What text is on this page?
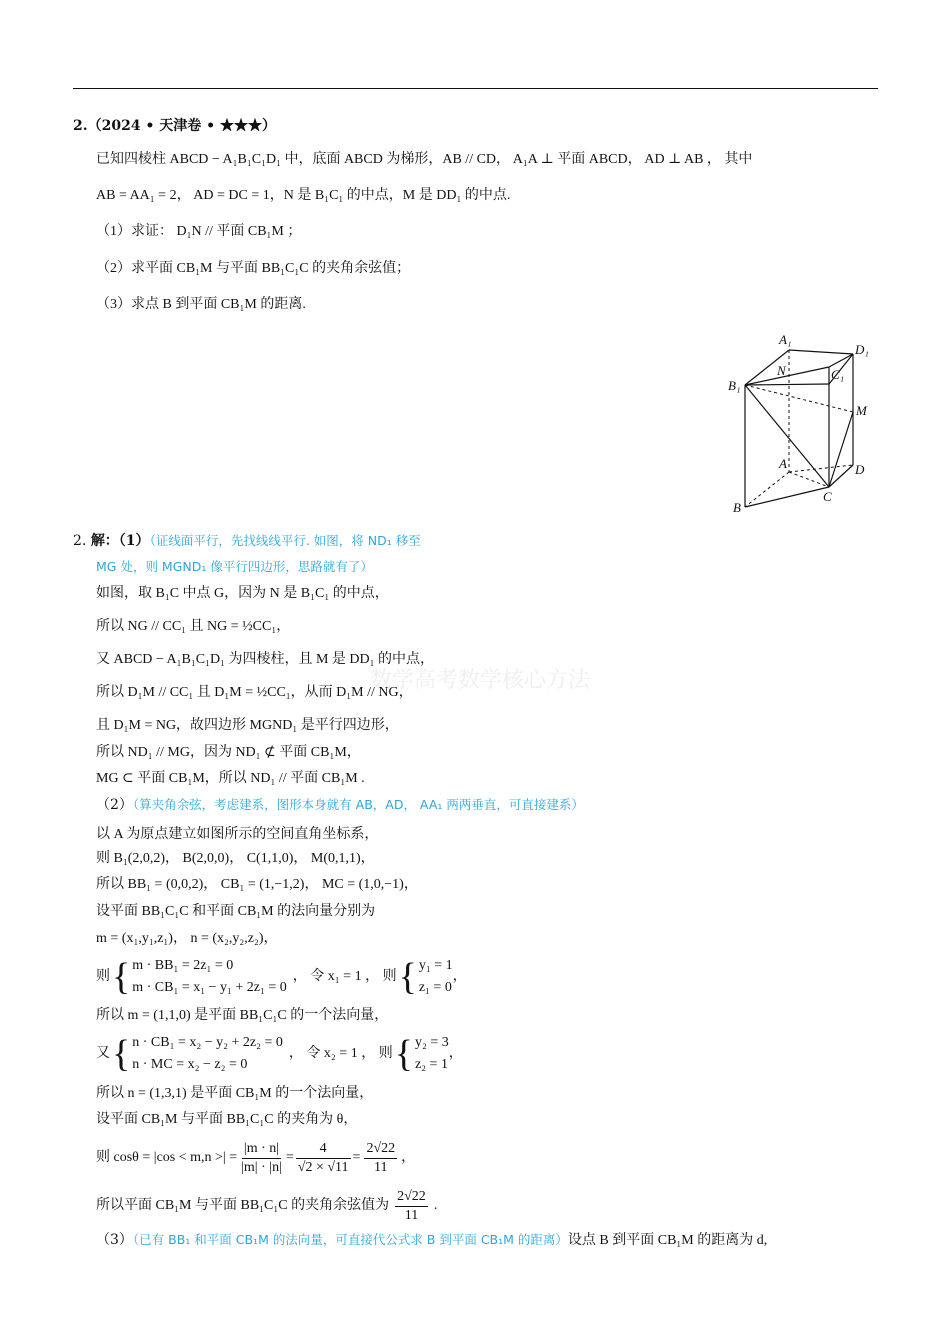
2.（2024 • 天津卷 • ★★★）
已知四棱柱 ABCD − A₁B₁C₁D₁ 中，底面 ABCD 为梯形，AB // CD， A₁A ⊥ 平面 ABCD， AD ⊥ AB ， 其中
AB = AA₁ = 2， AD = DC = 1，N 是 B₁C₁ 的中点，M 是 DD₁ 的中点.
（1）求证： D₁N // 平面 CB₁M ；
（2）求平面 CB₁M 与平面 BB₁C₁C 的夹角余弦值；
（3）求点 B 到平面 CB₁M 的距离.
A₁
D₁
N	C₁
B₁
M
A	D
C
B
数学高考数学核心方法
2. 解：（1）（证线面平行，先找线线平行. 如图，将 ND₁ 移至
MG 处，则 MGND₁ 像平行四边形，思路就有了）
如图，取 B₁C 中点 G，因为 N 是 B₁C₁ 的中点，
所以 NG // CC₁ 且 NG = ½CC₁，
又 ABCD − A₁B₁C₁D₁ 为四棱柱，且 M 是 DD₁ 的中点，
所以 D₁M // CC₁ 且 D₁M = ½CC₁，从而 D₁M // NG，
且 D₁M = NG，故四边形 MGND₁ 是平行四边形，
所以 ND₁ // MG，因为 ND₁ ⊄ 平面 CB₁M，
MG ⊂ 平面 CB₁M，所以 ND₁ // 平面 CB₁M .
（2）（算夹角余弦，考虑建系，图形本身就有 AB，AD， AA₁ 两两垂直，可直接建系）
以 A 为原点建立如图所示的空间直角坐标系，
则 B₁(2,0,2)， B(2,0,0)， C(1,1,0)， M(0,1,1)，
所以 BB₁ = (0,0,2)， CB₁ = (1,−1,2)， MC = (1,0,−1)，
设平面 BB₁C₁C 和平面 CB₁M 的法向量分别为
m = (x₁,y₁,z₁)， n = (x₂,y₂,z₂)，
则 { m · BB₁ = 2z₁ = 0
m · CB₁ = x₁ − y₁ + 2z₁ = 0
， 令 x₁ = 1 ， 则 { y₁ = 1
z₁ = 0
，
所以 m = (1,1,0) 是平面 BB₁C₁C 的一个法向量，
又 { n · CB₁ = x₂ − y₂ + 2z₂ = 0
n · MC = x₂ − z₂ = 0
， 令 x₂ = 1 ， 则 { y₂ = 3
z₂ = 1
，
所以 n = (1,3,1) 是平面 CB₁M 的一个法向量，
设平面 CB₁M 与平面 BB₁C₁C 的夹角为 θ，
则 cosθ = |cos < m,n >| = $\frac{|m \cdot n|}{|m| \cdot |n|} = \frac{4}{√2 \times √11} = \frac{2√22}{11}$ ，
所以平面 CB₁M 与平面 BB₁C₁C 的夹角余弦值为 $\frac{2√22}{11}$ .
（3）（已有 BB₁ 和平面 CB₁M 的法向量，可直接代公式求 B 到平面 CB₁M 的距离）设点 B 到平面 CB₁M 的距离为 d,
